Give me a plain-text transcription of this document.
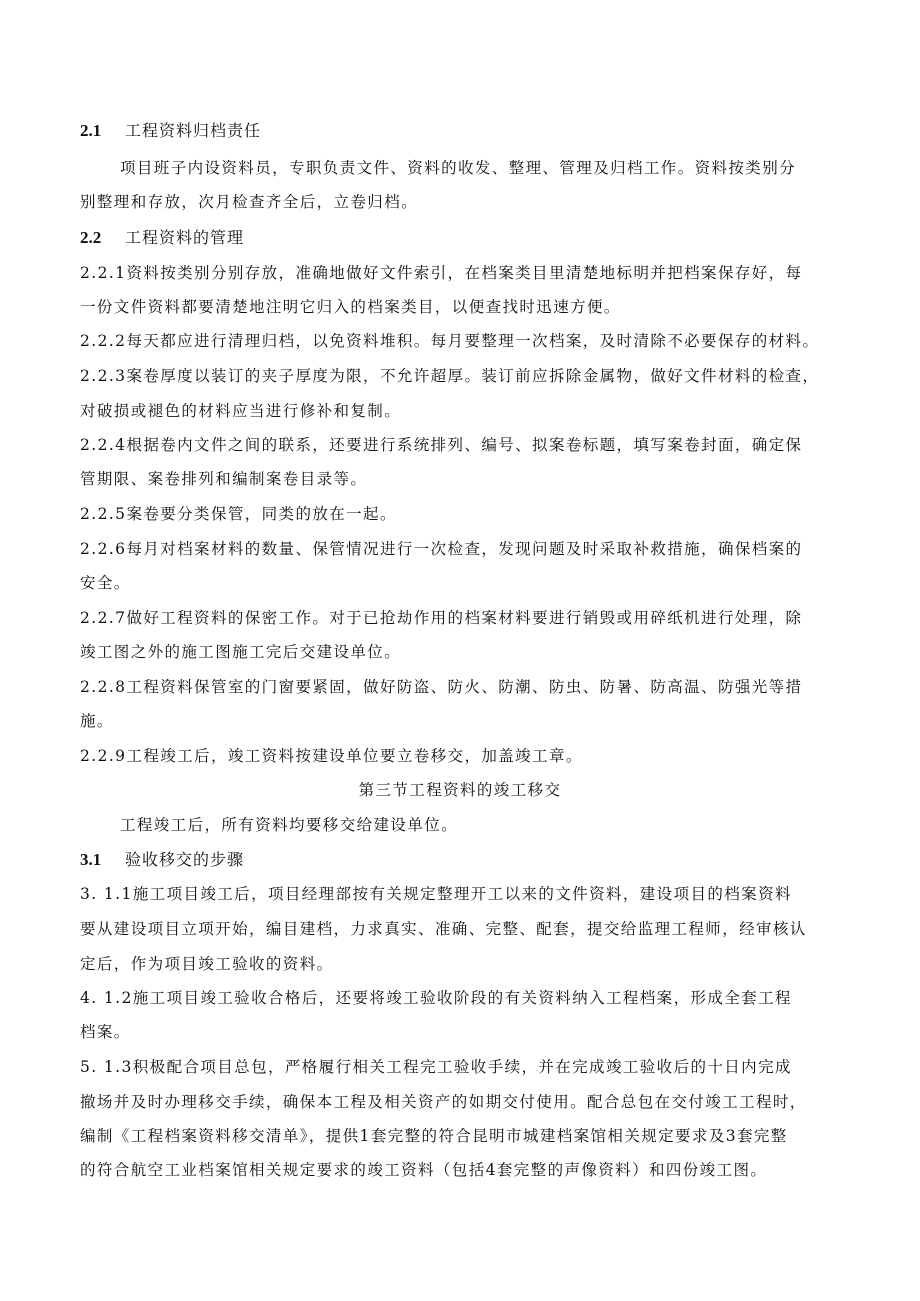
2.1 工程资料归档责任
项目班子内设资料员，专职负责文件、资料的收发、整理、管理及归档工作。资料按类别分
别整理和存放，次月检查齐全后，立卷归档。
2.2 工程资料的管理
2.2.1资料按类别分别存放，准确地做好文件索引，在档案类目里清楚地标明并把档案保存好，每
一份文件资料都要清楚地注明它归入的档案类目，以便查找时迅速方便。
2.2.2每天都应进行清理归档，以免资料堆积。每月要整理一次档案，及时清除不必要保存的材料。
2.2.3案卷厚度以装订的夹子厚度为限，不允许超厚。装订前应拆除金属物，做好文件材料的检查，
对破损或褪色的材料应当进行修补和复制。
2.2.4根据卷内文件之间的联系，还要进行系统排列、编号、拟案卷标题，填写案卷封面，确定保
管期限、案卷排列和编制案卷目录等。
2.2.5案卷要分类保管，同类的放在一起。
2.2.6每月对档案材料的数量、保管情况进行一次检查，发现问题及时采取补救措施，确保档案的
安全。
2.2.7做好工程资料的保密工作。对于已抢劫作用的档案材料要进行销毁或用碎纸机进行处理，除
竣工图之外的施工图施工完后交建设单位。
2.2.8工程资料保管室的门窗要紧固，做好防盗、防火、防潮、防虫、防暑、防高温、防强光等措
施。
2.2.9工程竣工后，竣工资料按建设单位要立卷移交，加盖竣工章。
第三节工程资料的竣工移交
工程竣工后，所有资料均要移交给建设单位。
3.1 验收移交的步骤
3. 1.1施工项目竣工后，项目经理部按有关规定整理开工以来的文件资料，建设项目的档案资料
要从建设项目立项开始，编目建档，力求真实、准确、完整、配套，提交给监理工程师，经审核认
定后，作为项目竣工验收的资料。
4. 1.2施工项目竣工验收合格后，还要将竣工验收阶段的有关资料纳入工程档案，形成全套工程
档案。
5. 1.3积极配合项目总包，严格履行相关工程完工验收手续，并在完成竣工验收后的十日内完成
撤场并及时办理移交手续，确保本工程及相关资产的如期交付使用。配合总包在交付竣工工程时，
编制《工程档案资料移交清单》，提供1套完整的符合昆明市城建档案馆相关规定要求及3套完整
的符合航空工业档案馆相关规定要求的竣工资料（包括4套完整的声像资料）和四份竣工图。
